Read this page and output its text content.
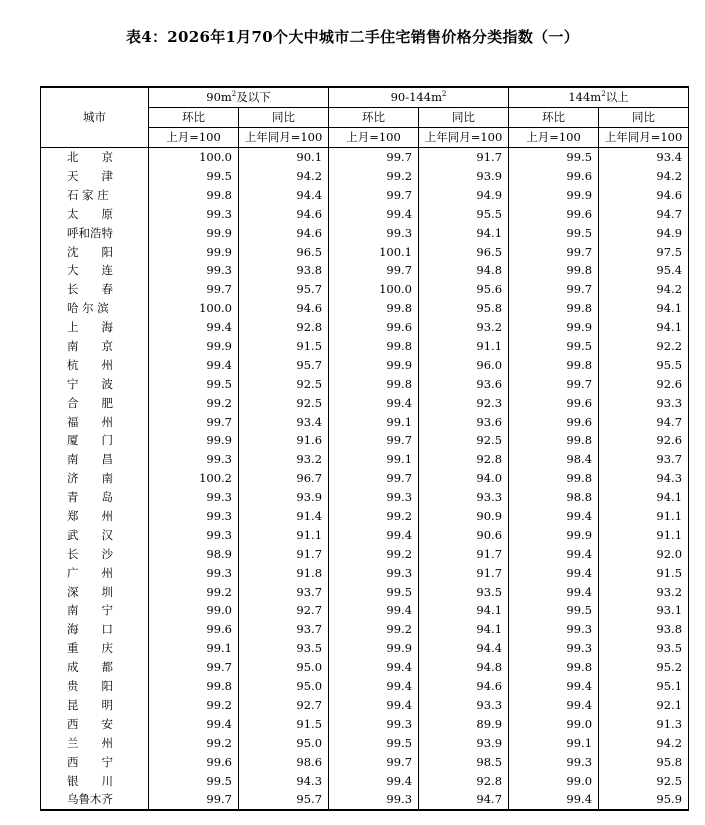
表4：2026年1月70个大中城市二手住宅销售价格分类指数（一）
城市	$90m^2$及以下		$90-144m^2$		$144m^2$以上	
	环比	同比	环比	同比	环比	同比
	上月=100	上年同月=100	上月=100	上年同月=100	上月=100	上年同月=100
北　　京	100.0	90.1	99.7	91.7	99.5	93.4
天　　津	99.5	94.2	99.2	93.9	99.6	94.2
石 家 庄	99.8	94.4	99.7	94.9	99.9	94.6
太　　原	99.3	94.6	99.4	95.5	99.6	94.7
呼和浩特	99.9	94.6	99.3	94.1	99.5	94.9
沈　　阳	99.9	96.5	100.1	96.5	99.7	97.5
大　　连	99.3	93.8	99.7	94.8	99.8	95.4
长　　春	99.7	95.7	100.0	95.6	99.7	94.2
哈 尔 滨	100.0	94.6	99.8	95.8	99.8	94.1
上　　海	99.4	92.8	99.6	93.2	99.9	94.1
南　　京	99.9	91.5	99.8	91.1	99.5	92.2
杭　　州	99.4	95.7	99.9	96.0	99.8	95.5
宁　　波	99.5	92.5	99.8	93.6	99.7	92.6
合　　肥	99.2	92.5	99.4	92.3	99.6	93.3
福　　州	99.7	93.4	99.1	93.6	99.6	94.7
厦　　门	99.9	91.6	99.7	92.5	99.8	92.6
南　　昌	99.3	93.2	99.1	92.8	98.4	93.7
济　　南	100.2	96.7	99.7	94.0	99.8	94.3
青　　岛	99.3	93.9	99.3	93.3	98.8	94.1
郑　　州	99.3	91.4	99.2	90.9	99.4	91.1
武　　汉	99.3	91.1	99.4	90.6	99.9	91.1
长　　沙	98.9	91.7	99.2	91.7	99.4	92.0
广　　州	99.3	91.8	99.3	91.7	99.4	91.5
深　　圳	99.2	93.7	99.5	93.5	99.4	93.2
南　　宁	99.0	92.7	99.4	94.1	99.5	93.1
海　　口	99.6	93.7	99.2	94.1	99.3	93.8
重　　庆	99.1	93.5	99.9	94.4	99.3	93.5
成　　都	99.7	95.0	99.4	94.8	99.8	95.2
贵　　阳	99.8	95.0	99.4	94.6	99.4	95.1
昆　　明	99.2	92.7	99.4	93.3	99.4	92.1
西　　安	99.4	91.5	99.3	89.9	99.0	91.3
兰　　州	99.2	95.0	99.5	93.9	99.1	94.2
西　　宁	99.6	98.6	99.7	98.5	99.3	95.8
银　　川	99.5	94.3	99.4	92.8	99.0	92.5
乌鲁木齐	99.7	95.7	99.3	94.7	99.4	95.9
